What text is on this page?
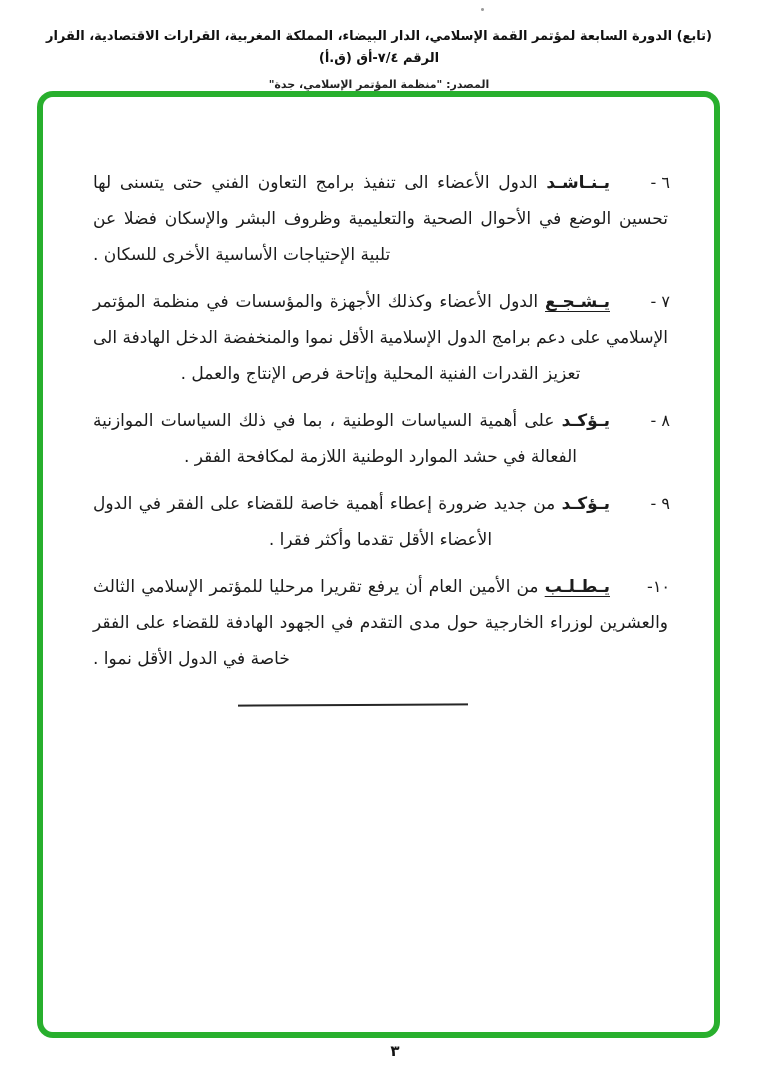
(تابع) الدورة السابعة لمؤتمر القمة الإسلامي، الدار البيضاء، المملكة المغربية، القرارات الاقتصادية، القرار الرقم ٧/٤-أق (ق.أ)
المصدر: "منظمة المؤتمر الإسلامي، جدة"
٦ -
يـنـاشـد الدول الأعضاء الى تنفيذ برامج التعاون الفني حتى يتسنى لها تحسين الوضع في الأحوال الصحية والتعليمية وظروف البشر والإسكان فضلا عن تلبية الإحتياجات الأساسية الأخرى للسكان .
٧ -
يـشـجـع الدول الأعضاء وكذلك الأجهزة والمؤسسات في منظمة المؤتمر الإسلامي على دعم برامج الدول الإسلامية الأقل نموا والمنخفضة الدخل الهادفة الى تعزيز القدرات الفنية المحلية وإتاحة فرص الإنتاج والعمل .
٨ -
يـؤكـد على أهمية السياسات الوطنية ، بما في ذلك السياسات الموازنية الفعالة في حشد الموارد الوطنية اللازمة لمكافحة الفقر .
٩ -
يـؤكـد من جديد ضرورة إعطاء أهمية خاصة للقضاء على الفقر في الدول الأعضاء الأقل تقدما وأكثر فقرا .
١٠-
يـطـلـب من الأمين العام أن يرفع تقريرا مرحليا للمؤتمر الإسلامي الثالث والعشرين لوزراء الخارجية حول مدى التقدم في الجهود الهادفة للقضاء على الفقر خاصة في الدول الأقل نموا .
٣
